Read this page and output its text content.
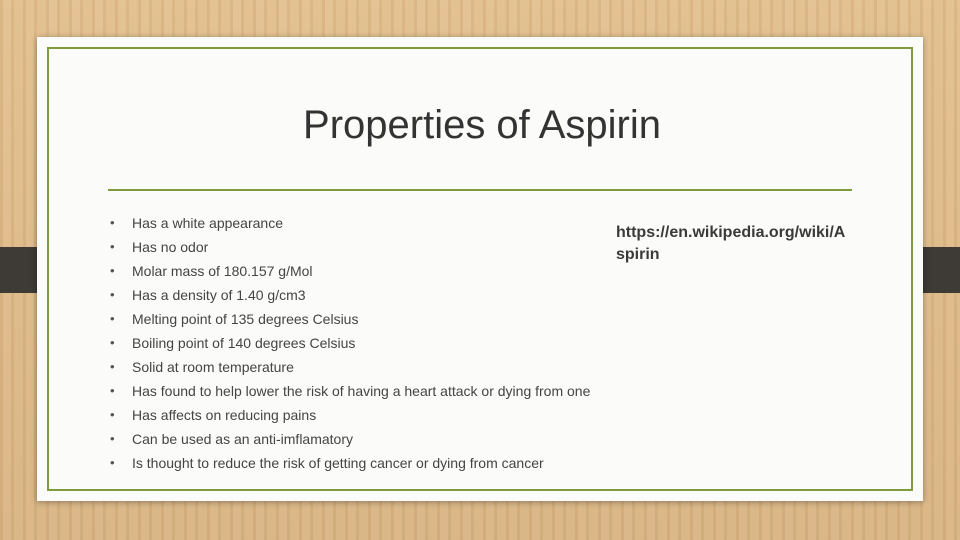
Properties of Aspirin
• Has a white appearance
• Has no odor
• Molar mass of 180.157 g/Mol
• Has a density of 1.40 g/cm3
• Melting point of 135 degrees Celsius
• Boiling point of 140 degrees Celsius
• Solid at room temperature
• Has found to help lower the risk of having a heart attack or dying from one
• Has affects on reducing pains
• Can be used as an anti-imflamatory
• Is thought to reduce the risk of getting cancer or dying from cancer
https://en.wikipedia.org/wiki/Aspirin
